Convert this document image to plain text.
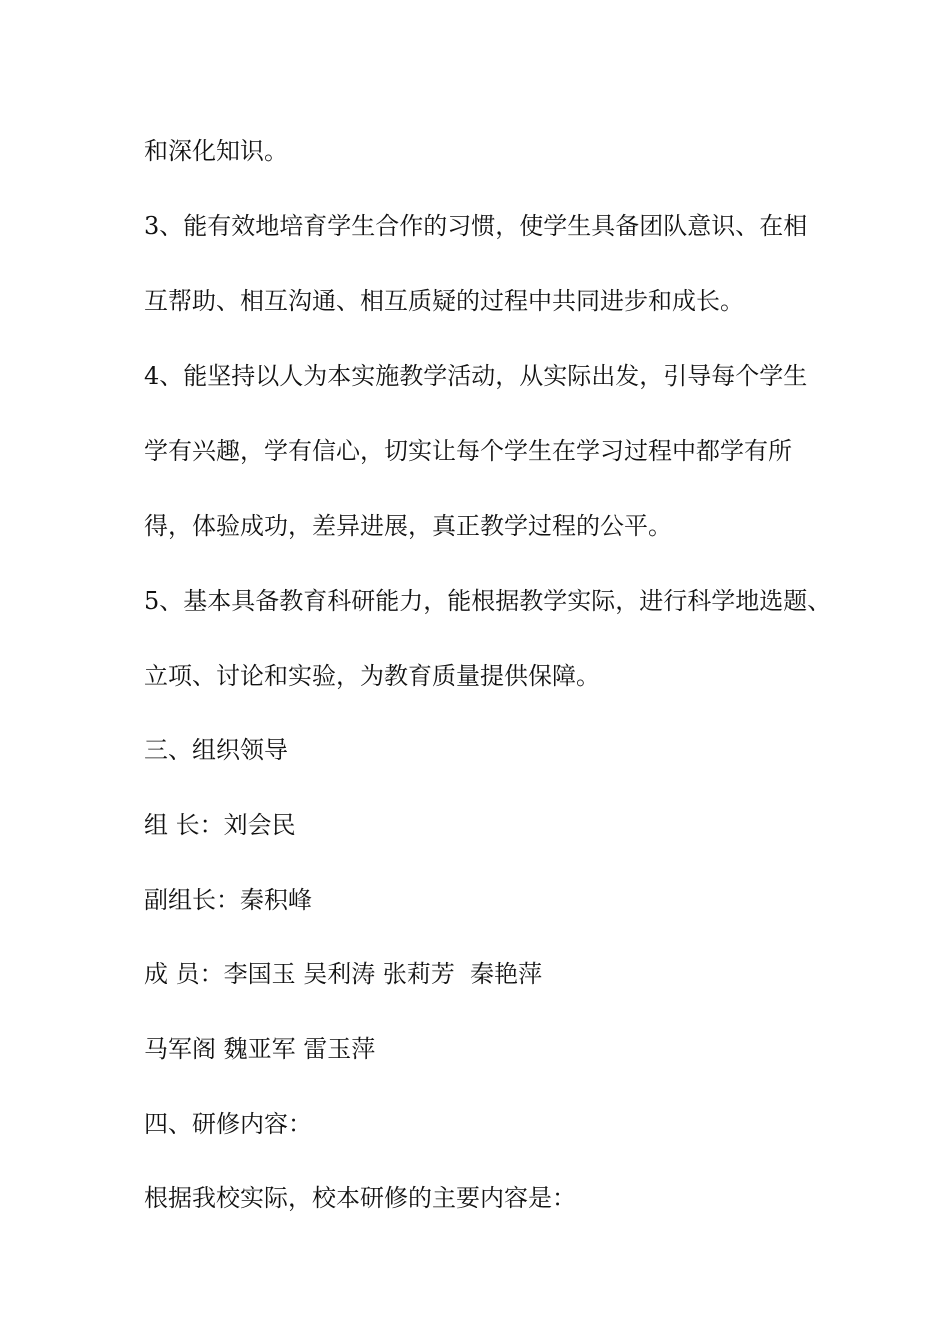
和深化知识。
3、能有效地培育学生合作的习惯，使学生具备团队意识、在相
互帮助、相互沟通、相互质疑的过程中共同进步和成长。
4、能坚持以人为本实施教学活动，从实际出发，引导每个学生
学有兴趣，学有信心，切实让每个学生在学习过程中都学有所
得，体验成功，差异进展，真正教学过程的公平。
5、基本具备教育科研能力，能根据教学实际，进行科学地选题、
立项、讨论和实验，为教育质量提供保障。
三、组织领导
组 长：刘会民
副组长：秦积峰
成 员：李国玉 吴利涛 张莉芳  秦艳萍
马军阁 魏亚军 雷玉萍
四、研修内容：
根据我校实际，校本研修的主要内容是：
